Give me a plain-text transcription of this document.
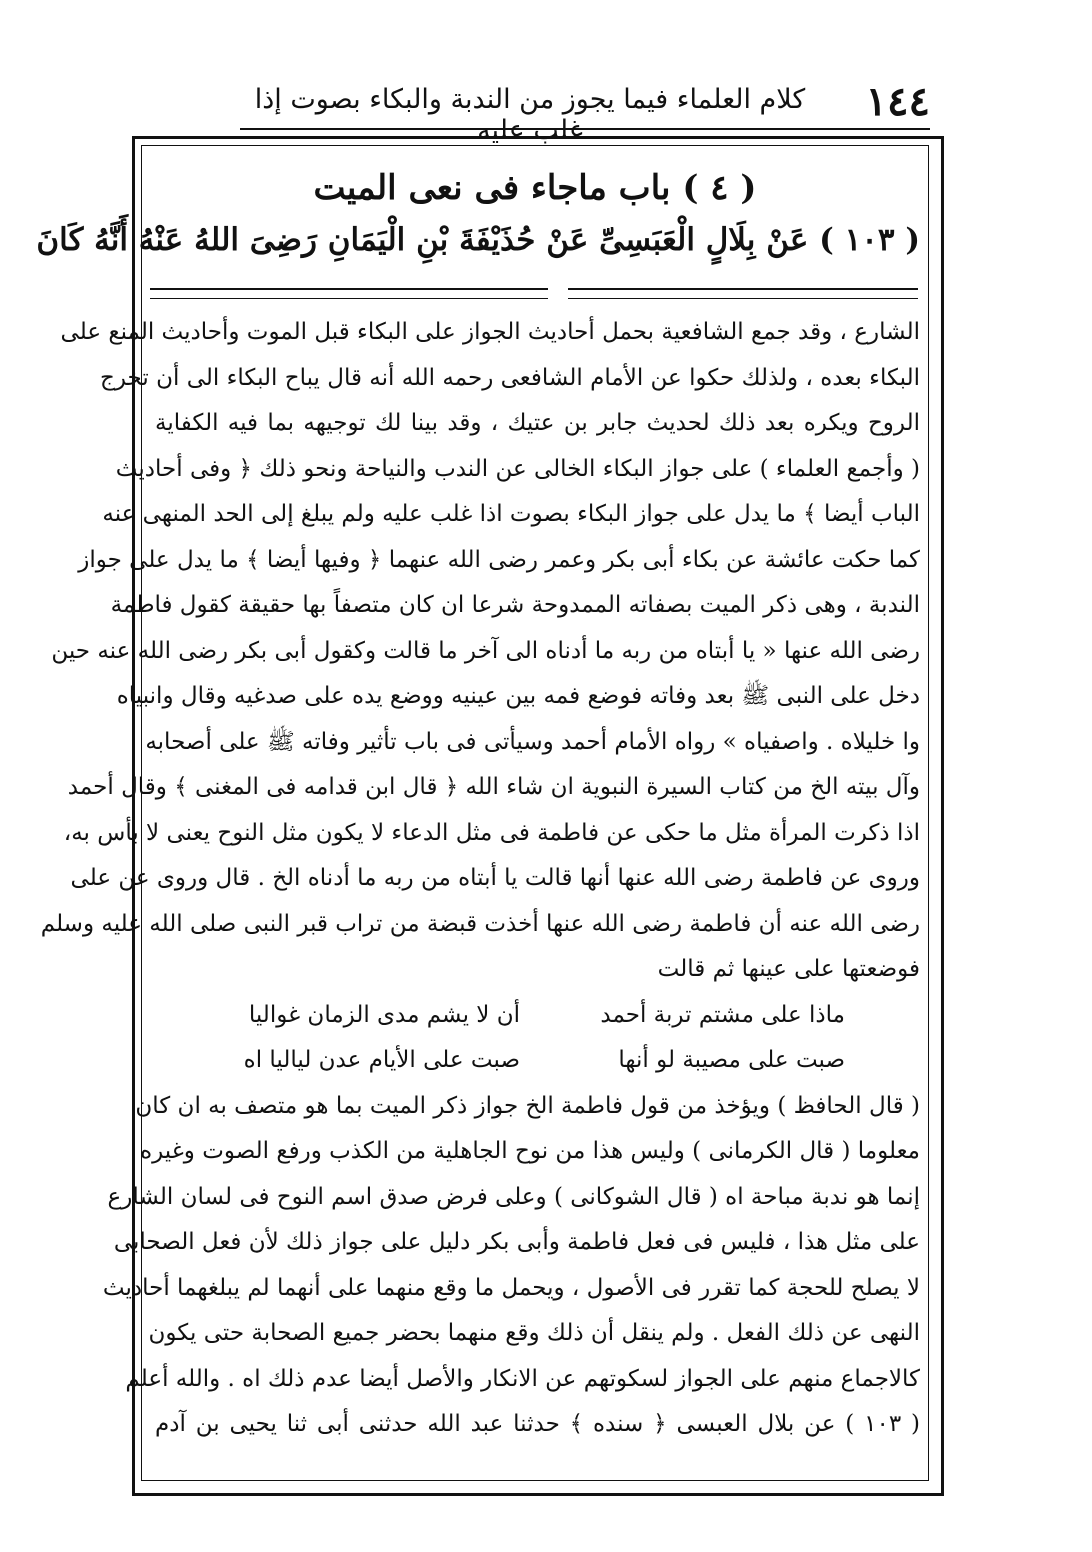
١٤٤
كلام العلماء فيما يجوز من الندبة والبكاء بصوت إذا غلب عليه
( ٤ ) باب ماجاء فى نعى الميت
( ١٠٣ ) عَنْ بِلَالٍ الْعَبَسِىِّ عَنْ حُذَيْفَةَ بْنِ الْيَمَانِ رَضِىَ اللهُ عَنْهُ أَنَّهُ كَانَ
الشارع ، وقد جمع الشافعية بحمل أحاديث الجواز على البكاء قبل الموت وأحاديث المنع على
البكاء بعده ، ولذلك حكوا عن الأمام الشافعى رحمه الله أنه قال يباح البكاء الى أن تخرج
الروح ويكره بعد ذلك لحديث جابر بن عتيك ، وقد بينا لك توجيهه بما فيه الكفاية
( وأجمع العلماء ) على جواز البكاء الخالى عن الندب والنياحة ونحو ذلك ﴿ وفى أحاديث
الباب أيضا ﴾ ما يدل على جواز البكاء بصوت اذا غلب عليه ولم يبلغ إلى الحد المنهى عنه
كما حكت عائشة عن بكاء أبى بكر وعمر رضى الله عنهما ﴿ وفيها أيضا ﴾ ما يدل على جواز
الندبة ، وهى ذكر الميت بصفاته الممدوحة شرعا ان كان متصفاً بها حقيقة كقول فاطمة
رضى الله عنها « يا أبتاه من ربه ما أدناه الى آخر ما قالت وكقول أبى بكر رضى الله عنه حين
دخل على النبى ﷺ بعد وفاته فوضع فمه بين عينيه ووضع يده على صدغيه وقال وانبياه
وا خليلاه . واصفياه » رواه الأمام أحمد وسيأتى فى باب تأثير وفاته ﷺ على أصحابه
وآل بيته الخ من كتاب السيرة النبوية ان شاء الله ﴿ قال ابن قدامه فى المغنى ﴾ وقال أحمد
اذا ذكرت المرأة مثل ما حكى عن فاطمة فى مثل الدعاء لا يكون مثل النوح يعنى لا بأس به،
وروى عن فاطمة رضى الله عنها أنها قالت يا أبتاه من ربه ما أدناه الخ . قال وروى عن على
رضى الله عنه أن فاطمة رضى الله عنها أخذت قبضة من تراب قبر النبى صلى الله عليه وسلم
فوضعتها على عينها ثم قالت
ماذا على مشتم تربة أحمد
أن لا يشم مدى الزمان غواليا
صبت على مصيبة لو أنها
صبت على الأيام عدن لياليا اه
( قال الحافظ ) ويؤخذ من قول فاطمة الخ جواز ذكر الميت بما هو متصف به ان كان
معلوما ( قال الكرمانى ) وليس هذا من نوح الجاهلية من الكذب ورفع الصوت وغيره
إنما هو ندبة مباحة اه ( قال الشوكانى ) وعلى فرض صدق اسم النوح فى لسان الشارع
على مثل هذا ، فليس فى فعل فاطمة وأبى بكر دليل على جواز ذلك لأن فعل الصحابى
لا يصلح للحجة كما تقرر فى الأصول ، ويحمل ما وقع منهما على أنهما لم يبلغهما أحاديث
النهى عن ذلك الفعل . ولم ينقل أن ذلك وقع منهما بحضر جميع الصحابة حتى يكون
كالاجماع منهم على الجواز لسكوتهم عن الانكار والأصل أيضا عدم ذلك اه . والله أعلم
( ١٠٣ ) عن بلال العبسى ﴿ سنده ﴾ حدثنا عبد الله حدثنى أبى ثنا يحيى بن آدم
